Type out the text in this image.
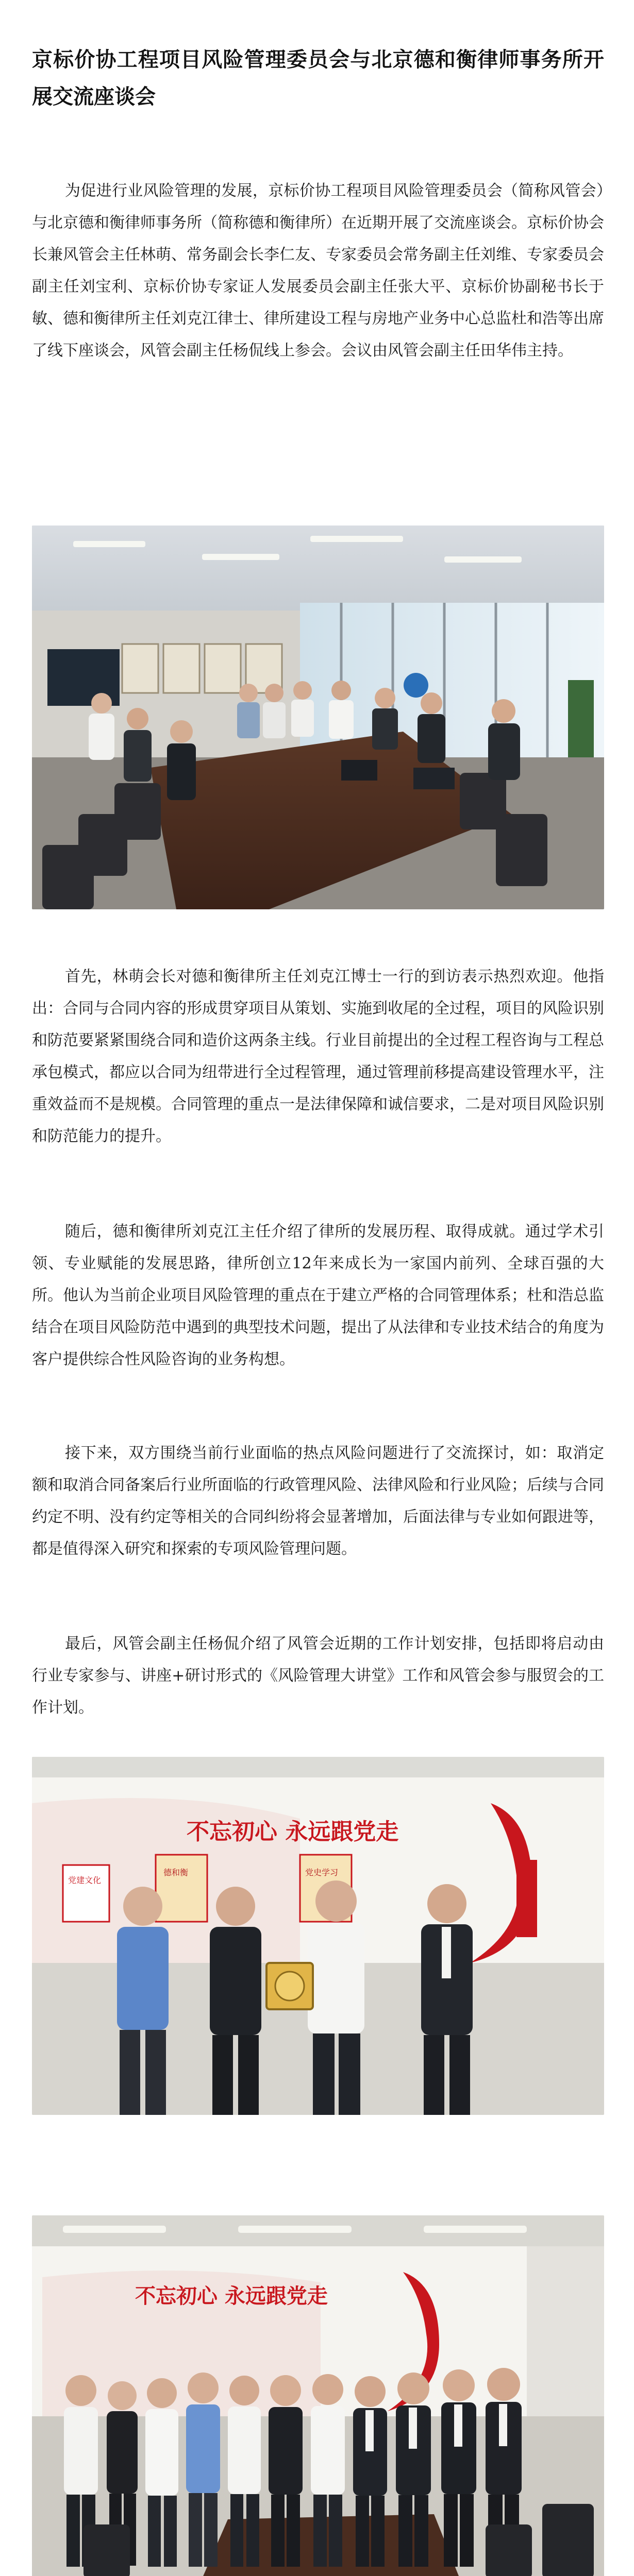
京标价协工程项目风险管理委员会与北京德和衡律师事务所开展交流座谈会

为促进行业风险管理的发展，京标价协工程项目风险管理委员会（简称风管会）与北京德和衡律师事务所（简称德和衡律所）在近期开展了交流座谈会。京标价协会长兼风管会主任林萌、常务副会长李仁友、专家委员会常务副主任刘维、专家委员会副主任刘宝利、京标价协专家证人发展委员会副主任张大平、京标价协副秘书长于敏、德和衡律所主任刘克江律士、律所建设工程与房地产业务中心总监杜和浩等出席了线下座谈会，风管会副主任杨侃线上参会。会议由风管会副主任田华伟主持。

首先，林萌会长对德和衡律所主任刘克江博士一行的到访表示热烈欢迎。他指出：合同与合同内容的形成贯穿项目从策划、实施到收尾的全过程，项目的风险识别和防范要紧紧围绕合同和造价这两条主线。行业目前提出的全过程工程咨询与工程总承包模式，都应以合同为纽带进行全过程管理，通过管理前移提高建设管理水平，注重效益而不是规模。合同管理的重点一是法律保障和诚信要求，二是对项目风险识别和防范能力的提升。

随后，德和衡律所刘克江主任介绍了律所的发展历程、取得成就。通过学术引领、专业赋能的发展思路，律所创立12年来成长为一家国内前列、全球百强的大所。他认为当前企业项目风险管理的重点在于建立严格的合同管理体系；杜和浩总监结合在项目风险防范中遇到的典型技术问题，提出了从法律和专业技术结合的角度为客户提供综合性风险咨询的业务构想。

接下来，双方围绕当前行业面临的热点风险问题进行了交流探讨，如：取消定额和取消合同备案后行业所面临的行政管理风险、法律风险和行业风险；后续与合同约定不明、没有约定等相关的合同纠纷将会显著增加，后面法律与专业如何跟进等，都是值得深入研究和探索的专项风险管理问题。

最后，风管会副主任杨侃介绍了风管会近期的工作计划安排，包括即将启动由行业专家参与、讲座+研讨形式的《风险管理大讲堂》工作和风管会参与服贸会的工作计划。

不忘初心 永远跟党走
党建文化
德和衡	党史学习
不忘初心 永远跟党走
